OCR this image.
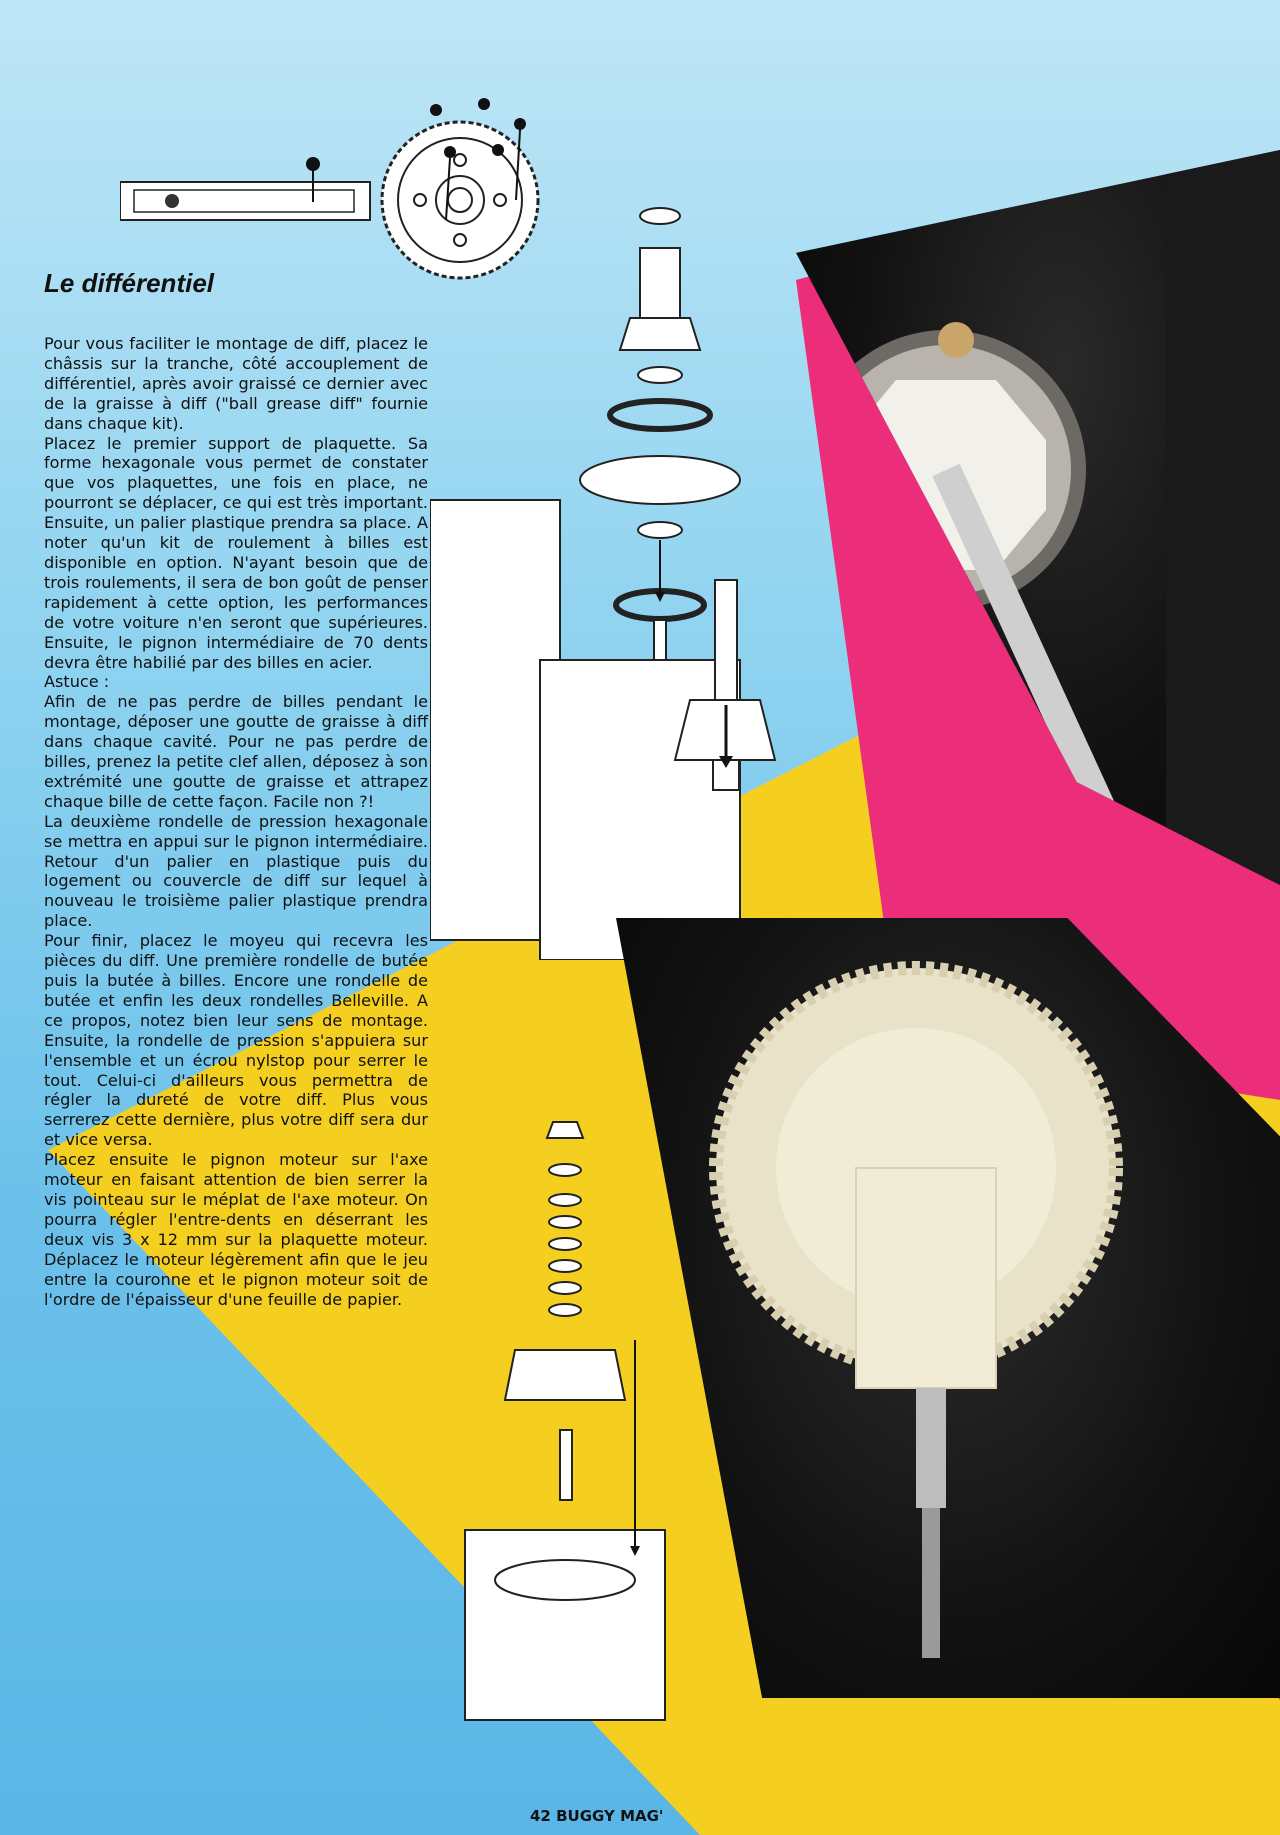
Le différentiel

Pour vous faciliter le montage de diff, placez le châssis sur la tranche, côté accouplement de différentiel, après avoir graissé ce dernier avec de la graisse à diff ("ball grease diff" fournie dans chaque kit).

Placez le premier support de plaquette. Sa forme hexagonale vous permet de constater que vos plaquettes, une fois en place, ne pourront se déplacer, ce qui est très important. Ensuite, un palier plastique prendra sa place. A noter qu'un kit de roulement à billes est disponible en option. N'ayant besoin que de trois roulements, il sera de bon goût de penser rapidement à cette option, les performances de votre voiture n'en seront que supérieures. Ensuite, le pignon intermédiaire de 70 dents devra être habilié par des billes en acier.

Astuce :

Afin de ne pas perdre de billes pendant le montage, déposer une goutte de graisse à diff dans chaque cavité. Pour ne pas perdre de billes, prenez la petite clef allen, déposez à son extrémité une goutte de graisse et attrapez chaque bille de cette façon. Facile non ?!

La deuxième rondelle de pression hexagonale se mettra en appui sur le pignon intermédiaire. Retour d'un palier en plastique puis du logement ou couvercle de diff sur lequel à nouveau le troisième palier plastique prendra place.

Pour finir, placez le moyeu qui recevra les pièces du diff. Une première rondelle de butée puis la butée à billes. Encore une rondelle de butée et enfin les deux rondelles Belleville. A ce propos, notez bien leur sens de montage. Ensuite, la rondelle de pression s'appuiera sur l'ensemble et un écrou nylstop pour serrer le tout. Celui-ci d'ailleurs vous permettra de régler la dureté de votre diff. Plus vous serrerez cette dernière, plus votre diff sera dur et vice versa.

Placez ensuite le pignon moteur sur l'axe moteur en faisant attention de bien serrer la vis pointeau sur le méplat de l'axe moteur. On pourra régler l'entre-dents en déserrant les deux vis 3 x 12 mm sur la plaquette moteur. Déplacez le moteur légèrement afin que le jeu entre la couronne et le pignon moteur soit de l'ordre de l'épaisseur d'une feuille de papier.

42 BUGGY MAG'
